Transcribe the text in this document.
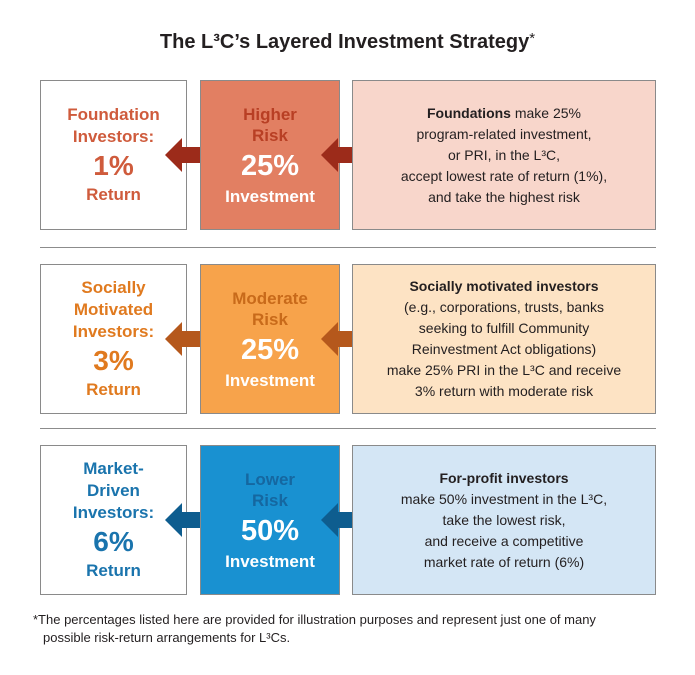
The L³C’s Layered Investment Strategy*
Foundation
Investors:
1%
Return
Higher
Risk
25%
Investment
Foundations make 25%
program-related investment,
or PRI, in the L³C,
accept lowest rate of return (1%),
and take the highest risk
Socially
Motivated
Investors:
3%
Return
Moderate
Risk
25%
Investment
Socially motivated investors
(e.g., corporations, trusts, banks
seeking to fulfill Community
Reinvestment Act obligations)
make 25% PRI in the L³C and receive
3% return with moderate risk
Market-
Driven
Investors:
6%
Return
Lower
Risk
50%
Investment
For-profit investors
make 50% investment in the L³C,
take the lowest risk,
and receive a competitive
market rate of return (6%)
*The percentages listed here are provided for illustration purposes and represent just one of many
possible risk-return arrangements for L³Cs.
